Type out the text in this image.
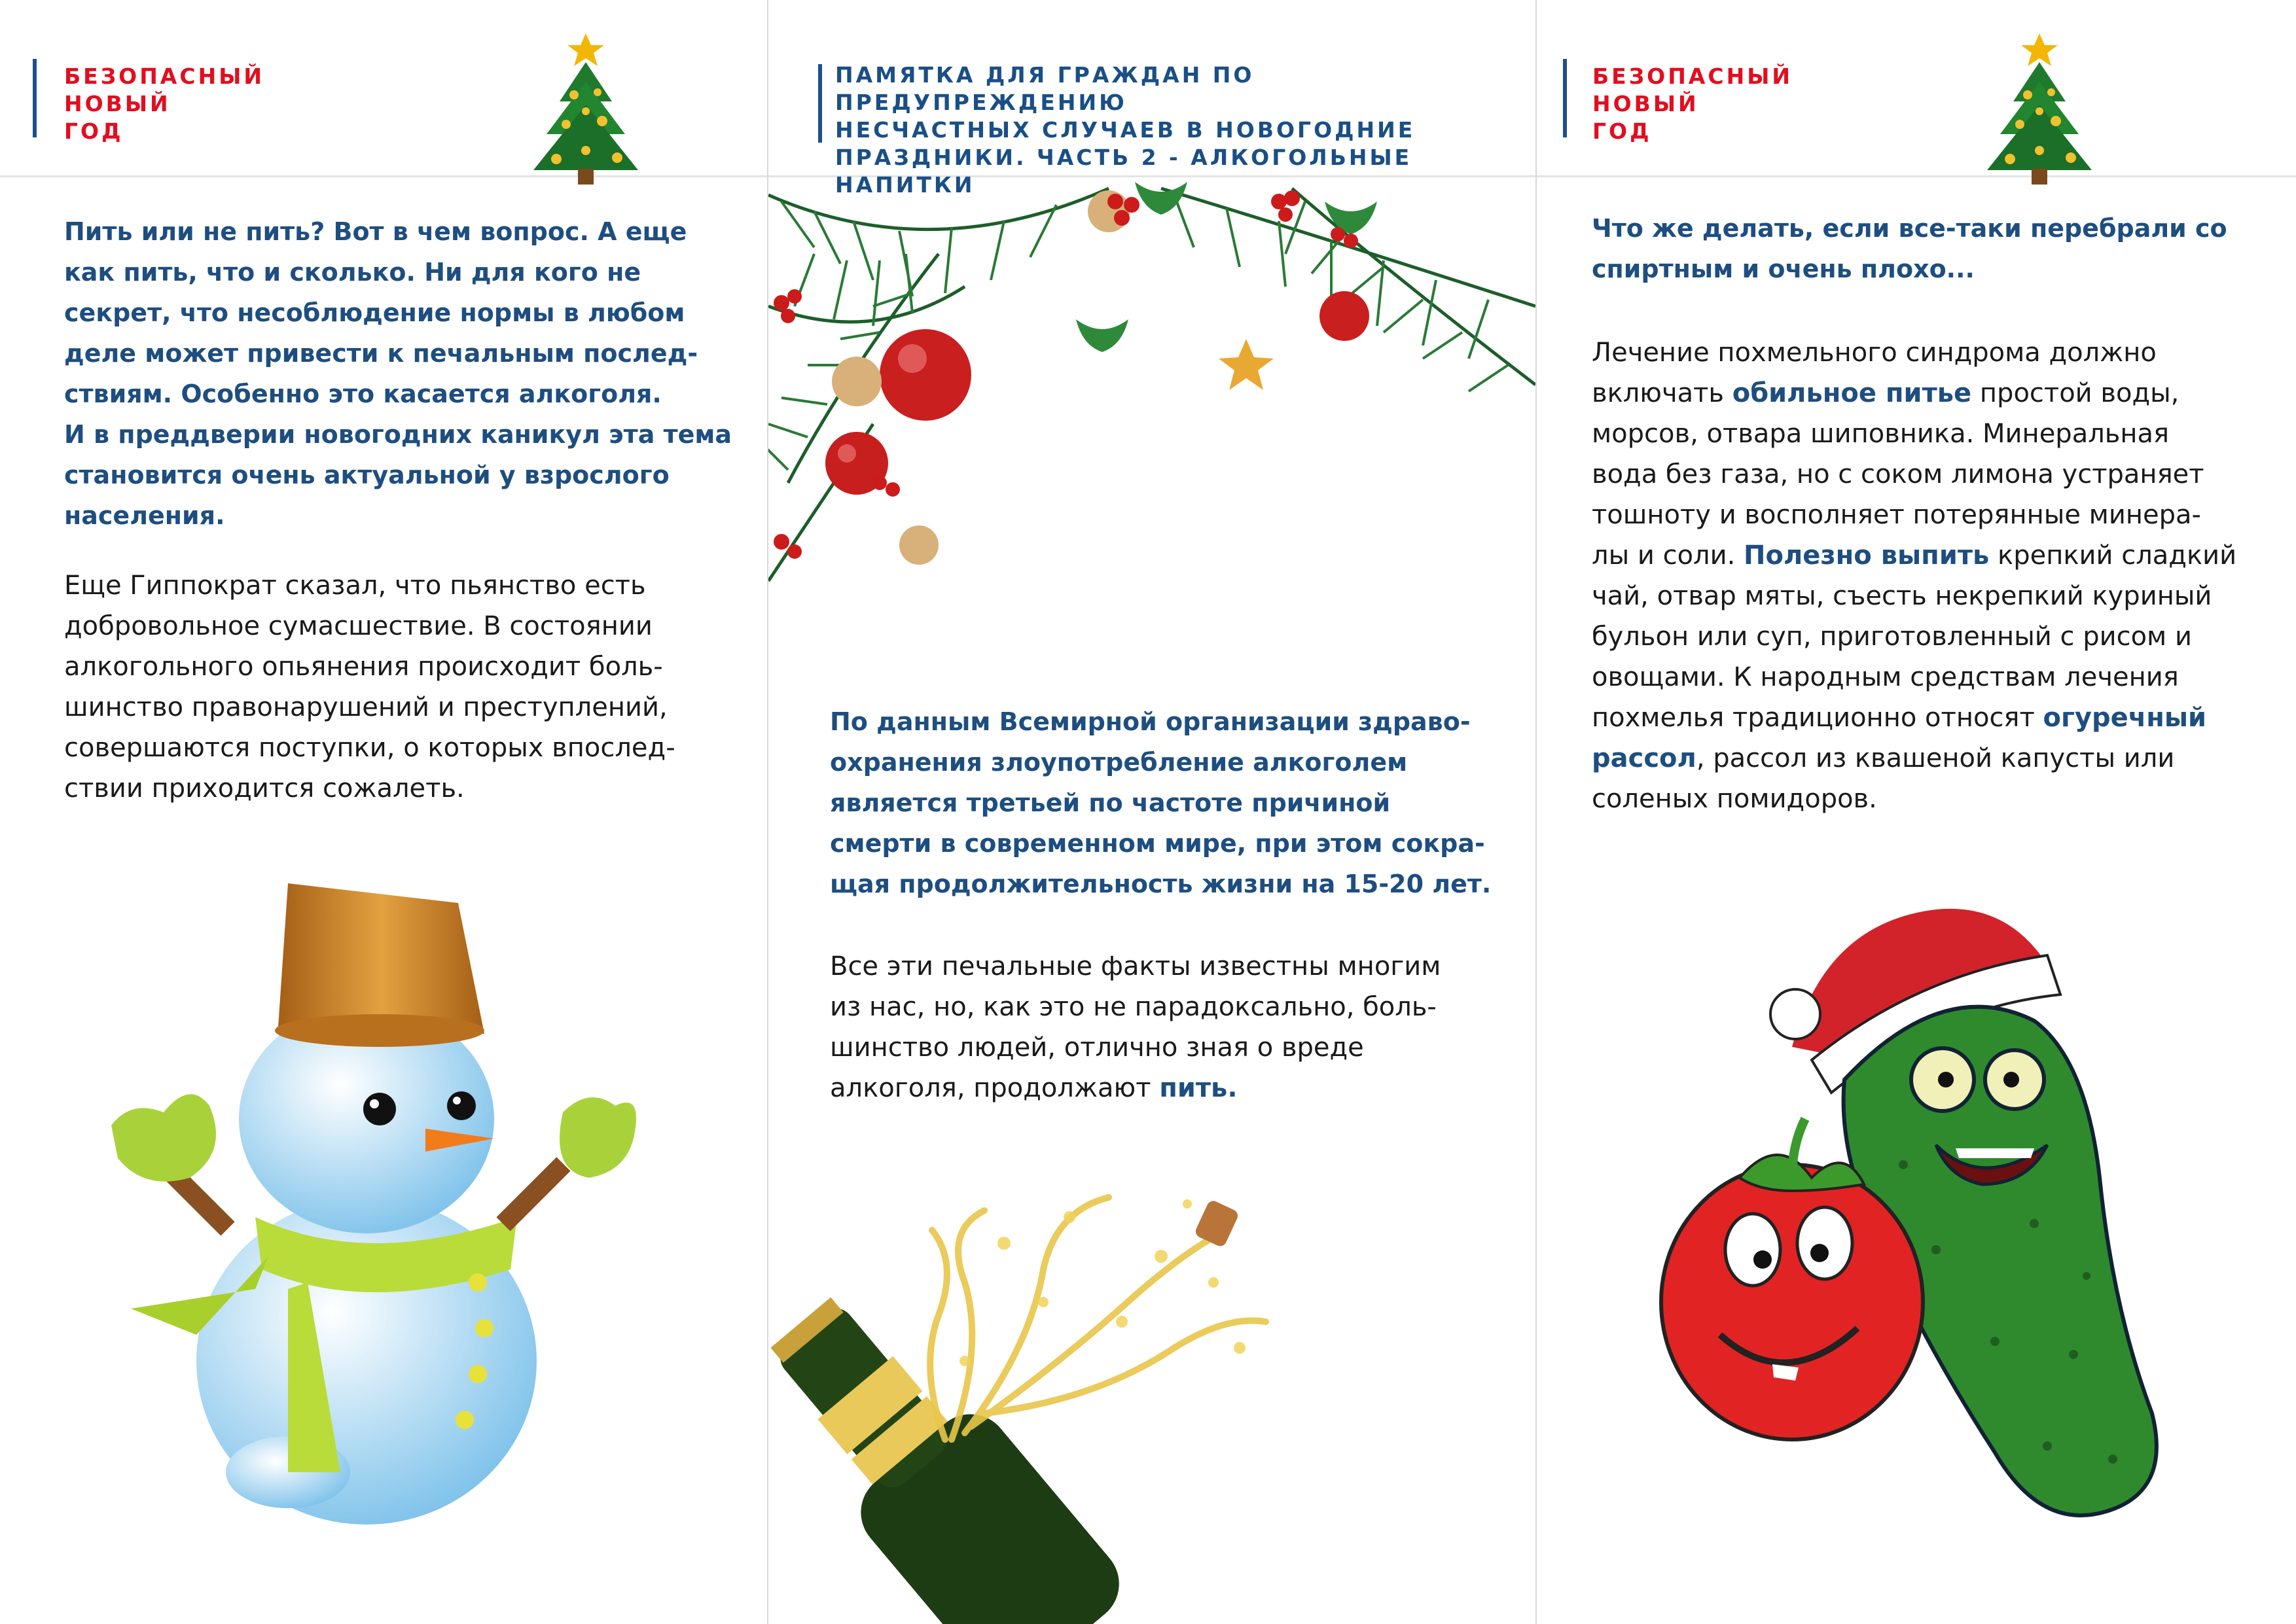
БЕЗОПАСНЫЙ
НОВЫЙ
ГОД
Пить или не пить? Вот в чем вопрос. А еще
как пить, что и сколько. Ни для кого не
секрет, что несоблюдение нормы в любом
деле может привести к печальным послед-
ствиям. Особенно это касается алкоголя.
И в преддверии новогодних каникул эта тема
становится очень актуальной у взрослого
населения.
Еще Гиппократ сказал, что пьянство есть
добровольное сумасшествие. В состоянии
алкогольного опьянения происходит боль-
шинство правонарушений и преступлений,
совершаются поступки, о которых впослед-
ствии приходится сожалеть.
ПАМЯТКА ДЛЯ ГРАЖДАН ПО ПРЕДУПРЕЖДЕНИЮ
НЕСЧАСТНЫХ СЛУЧАЕВ В НОВОГОДНИЕ
ПРАЗДНИКИ. ЧАСТЬ 2 - АЛКОГОЛЬНЫЕ НАПИТКИ
По данным Всемирной организации здраво-
охранения злоупотребление алкоголем
является третьей по частоте причиной
смерти в современном мире, при этом сокра-
щая продолжительность жизни на 15-20 лет.
Все эти печальные факты известны многим
из нас, но, как это не парадоксально, боль-
шинство людей, отлично зная о вреде
алкоголя, продолжают пить.
БЕЗОПАСНЫЙ
НОВЫЙ
ГОД
Что же делать, если все-таки перебрали со
спиртным и очень плохо...
Лечение похмельного синдрома должно
включать обильное питье простой воды,
морсов, отвара шиповника. Минеральная
вода без газа, но с соком лимона устраняет
тошноту и восполняет потерянные минера-
лы и соли. Полезно выпить крепкий сладкий
чай, отвар мяты, съесть некрепкий куриный
бульон или суп, приготовленный с рисом и
овощами. К народным средствам лечения
похмелья традиционно относят огуречный
рассол, рассол из квашеной капусты или
соленых помидоров.
